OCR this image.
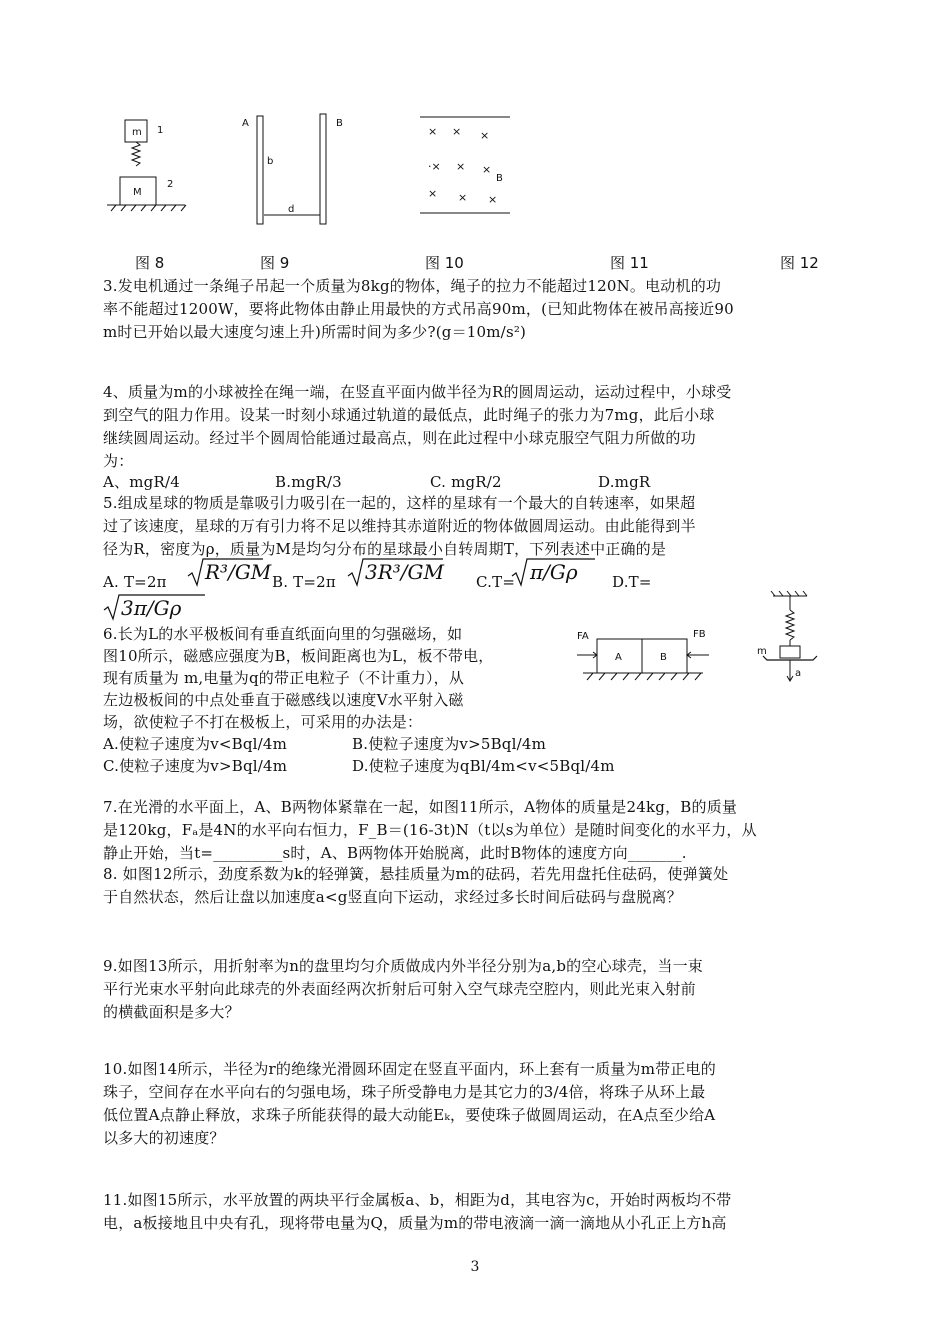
m 1
M
2
A
b
B
d
× × ×
·× × ×
B
× × ×
图 8	图 9	图 10	图 11	图 12
3.发电机通过一条绳子吊起一个质量为8kg的物体，绳子的拉力不能超过120N。电动机的功
率不能超过1200W，要将此物体由静止用最快的方式吊高90m，(已知此物体在被吊高接近90
m时已开始以最大速度匀速上升)所需时间为多少?(g＝10m/s²)
4、质量为m的小球被拴在绳一端，在竖直平面内做半径为R的圆周运动，运动过程中，小球受
到空气的阻力作用。设某一时刻小球通过轨道的最低点，此时绳子的张力为7mg，此后小球
继续圆周运动。经过半个圆周恰能通过最高点，则在此过程中小球克服空气阻力所做的功
为：
A、mgR/4	B.mgR/3	C. mgR/2	D.mgR
5.组成星球的物质是靠吸引力吸引在一起的，这样的星球有一个最大的自转速率，如果超
过了该速度，星球的万有引力将不足以维持其赤道附近的物体做圆周运动。由此能得到半
径为R，密度为ρ，质量为M是均匀分布的星球最小自转周期T，下列表述中正确的是
A. T=2π R³/GM B. T=2π 3R³/GM C.T= π/Gρ D.T=
3π/Gρ
6.长为L的水平极板间有垂直纸面向里的匀强磁场，如
图10所示，磁感应强度为B，板间距离也为L，板不带电，
现有质量为 m,电量为q的带正电粒子（不计重力），从
左边极板间的中点处垂直于磁感线以速度V水平射入磁
场，欲使粒子不打在极板上，可采用的办法是：
A.使粒子速度为v<Bql/4m	B.使粒子速度为v>5Bql/4m
C.使粒子速度为v>Bql/4m	D.使粒子速度为qBl/4m<v<5Bql/4m
FA
A	B
FB
m
a
7.在光滑的水平面上，A、B两物体紧靠在一起，如图11所示，A物体的质量是24kg，B的质量
是120kg，Fₐ是4N的水平向右恒力，F_B＝(16-3t)N（t以s为单位）是随时间变化的水平力，从
静止开始，当t=_________s时，A、B两物体开始脱离，此时B物体的速度方向_______.
8. 如图12所示，劲度系数为k的轻弹簧，悬挂质量为m的砝码，若先用盘托住砝码，使弹簧处
于自然状态，然后让盘以加速度a<g竖直向下运动，求经过多长时间后砝码与盘脱离？
9.如图13所示，用折射率为n的盘里均匀介质做成内外半径分别为a,b的空心球壳，当一束
平行光束水平射向此球壳的外表面经两次折射后可射入空气球壳空腔内，则此光束入射前
的横截面积是多大？
10.如图14所示，半径为r的绝缘光滑圆环固定在竖直平面内，环上套有一质量为m带正电的
珠子，空间存在水平向右的匀强电场，珠子所受静电力是其它力的3/4倍，将珠子从环上最
低位置A点静止释放，求珠子所能获得的最大动能Eₖ，要使珠子做圆周运动，在A点至少给A
以多大的初速度？
11.如图15所示，水平放置的两块平行金属板a、b，相距为d，其电容为c，开始时两板均不带
电，a板接地且中央有孔，现将带电量为Q，质量为m的带电液滴一滴一滴地从小孔正上方h高
3
